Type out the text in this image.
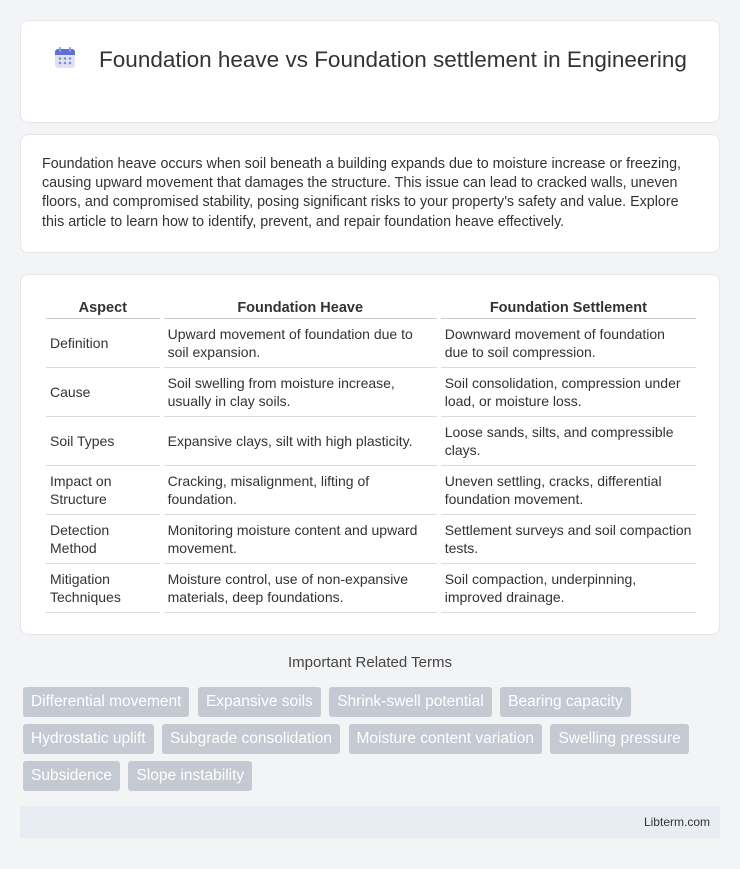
Foundation heave vs Foundation settlement in Engineering

Foundation heave occurs when soil beneath a building expands due to moisture increase or freezing, causing upward movement that damages the structure. This issue can lead to cracked walls, uneven floors, and compromised stability, posing significant risks to your property's safety and value. Explore this article to learn how to identify, prevent, and repair foundation heave effectively.

Aspect	Foundation Heave	Foundation Settlement
Definition	Upward movement of foundation due to soil expansion.	Downward movement of foundation due to soil compression.
Cause	Soil swelling from moisture increase, usually in clay soils.	Soil consolidation, compression under load, or moisture loss.
Soil Types	Expansive clays, silt with high plasticity.	Loose sands, silts, and compressible clays.
Impact on Structure	Cracking, misalignment, lifting of foundation.	Uneven settling, cracks, differential foundation movement.
Detection Method	Monitoring moisture content and upward movement.	Settlement surveys and soil compaction tests.
Mitigation Techniques	Moisture control, use of non-expansive materials, deep foundations.	Soil compaction, underpinning, improved drainage.
Important Related Terms
Differential movement Expansive soils Shrink-swell potential Bearing capacity Hydrostatic uplift Subgrade consolidation Moisture content variation Swelling pressure Subsidence Slope instability
Libterm.com
